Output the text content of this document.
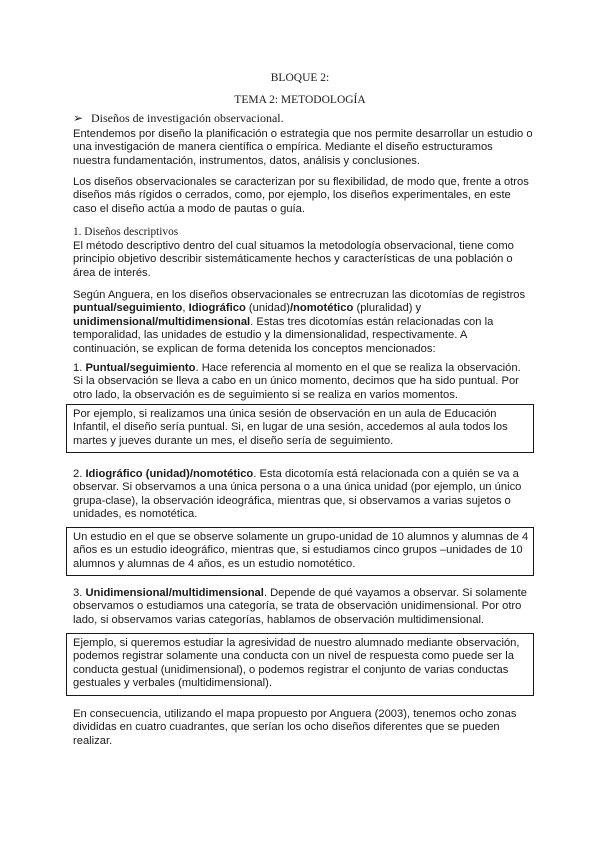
BLOQUE 2:
TEMA 2: METODOLOGÍA
➢ Diseños de investigación observacional.

Entendemos por diseño la planificación o estrategia que nos permite desarrollar un estudio o una investigación de manera científica o empírica. Mediante el diseño estructuramos nuestra fundamentación, instrumentos, datos, análisis y conclusiones.

Los diseños observacionales se caracterizan por su flexibilidad, de modo que, frente a otros diseños más rígidos o cerrados, como, por ejemplo, los diseños experimentales, en este caso el diseño actúa a modo de pautas o guía.

1. Diseños descriptivos

El método descriptivo dentro del cual situamos la metodología observacional, tiene como principio objetivo describir sistemáticamente hechos y características de una población o área de interés.

Según Anguera, en los diseños observacionales se entrecruzan las dicotomías de registros puntual/seguimiento, Idiográfico (unidad)/nomotético (pluralidad) y unidimensional/multidimensional. Estas tres dicotomías están relacionadas con la temporalidad, las unidades de estudio y la dimensionalidad, respectivamente. A continuación, se explican de forma detenida los conceptos mencionados:

1. Puntual/seguimiento. Hace referencia al momento en el que se realiza la observación. Si la observación se lleva a cabo en un único momento, decimos que ha sido puntual. Por otro lado, la observación es de seguimiento si se realiza en varios momentos.

Por ejemplo, si realizamos una única sesión de observación en un aula de Educación Infantil, el diseño sería puntual. Si, en lugar de una sesión, accedemos al aula todos los martes y jueves durante un mes, el diseño sería de seguimiento.

2. Idiográfico (unidad)/nomotético. Esta dicotomía está relacionada con a quién se va a observar. Si observamos a una única persona o a una única unidad (por ejemplo, un único grupa-clase), la observación ideográfica, mientras que, si observamos a varias sujetos o unidades, es nomotética.

Un estudio en el que se observe solamente un grupo-unidad de 10 alumnos y alumnas de 4 años es un estudio ideográfico, mientras que, si estudiamos cinco grupos –unidades de 10 alumnos y alumnas de 4 años, es un estudio nomotético.

3. Unidimensional/multidimensional. Depende de qué vayamos a observar. Si solamente observamos o estudiamos una categoría, se trata de observación unidimensional. Por otro lado, si observamos varias categorías, hablamos de observación multidimensional.

Ejemplo, si queremos estudiar la agresividad de nuestro alumnado mediante observación, podemos registrar solamente una conducta con un nivel de respuesta como puede ser la conducta gestual (unidimensional), o podemos registrar el conjunto de varias conductas gestuales y verbales (multidimensional).

En consecuencia, utilizando el mapa propuesto por Anguera (2003), tenemos ocho zonas divididas en cuatro cuadrantes, que serían los ocho diseños diferentes que se pueden realizar.
